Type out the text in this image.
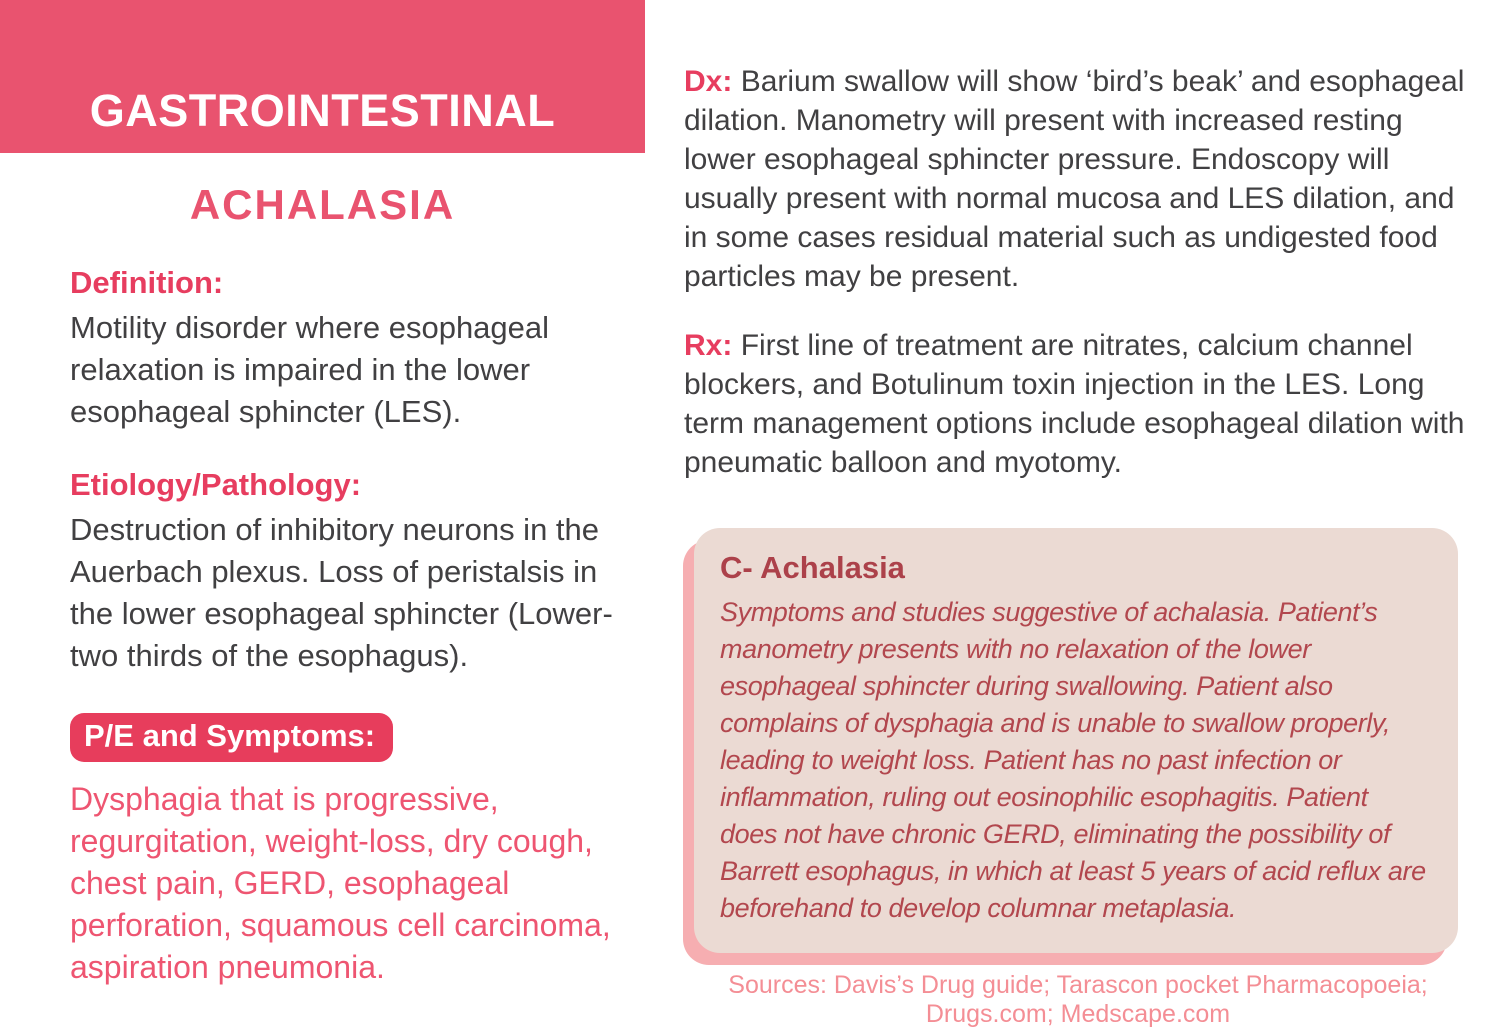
GASTROINTESTINAL
ACHALASIA
Definition:

Motility disorder where esophageal relaxation is impaired in the lower esophageal sphincter (LES).

Etiology/Pathology:

Destruction of inhibitory neurons in the Auerbach plexus. Loss of peristalsis in the lower esophageal sphincter (Lower-two thirds of the esophagus).

P/E and Symptoms:

Dysphagia that is progressive, regurgitation, weight-loss, dry cough, chest pain, GERD, esophageal perforation, squamous cell carcinoma, aspiration pneumonia.

Dx: Barium swallow will show ‘bird’s beak’ and esophageal dilation. Manometry will present with increased resting lower esophageal sphincter pressure. Endoscopy will usually present with normal mucosa and LES dilation, and in some cases residual material such as undigested food particles may be present.

Rx: First line of treatment are nitrates, calcium channel blockers, and Botulinum toxin injection in the LES. Long term management options include esophageal dilation with pneumatic balloon and myotomy.

C- Achalasia

Symptoms and studies suggestive of achalasia. Patient’s manometry presents with no relaxation of the lower esophageal sphincter during swallowing. Patient also complains of dysphagia and is unable to swallow properly, leading to weight loss. Patient has no past infection or inflammation, ruling out eosinophilic esophagitis. Patient does not have chronic GERD, eliminating the possibility of Barrett esophagus, in which at least 5 years of acid reflux are beforehand to develop columnar metaplasia.

Sources: Davis’s Drug guide; Tarascon pocket Pharmacopoeia; Drugs.com; Medscape.com
